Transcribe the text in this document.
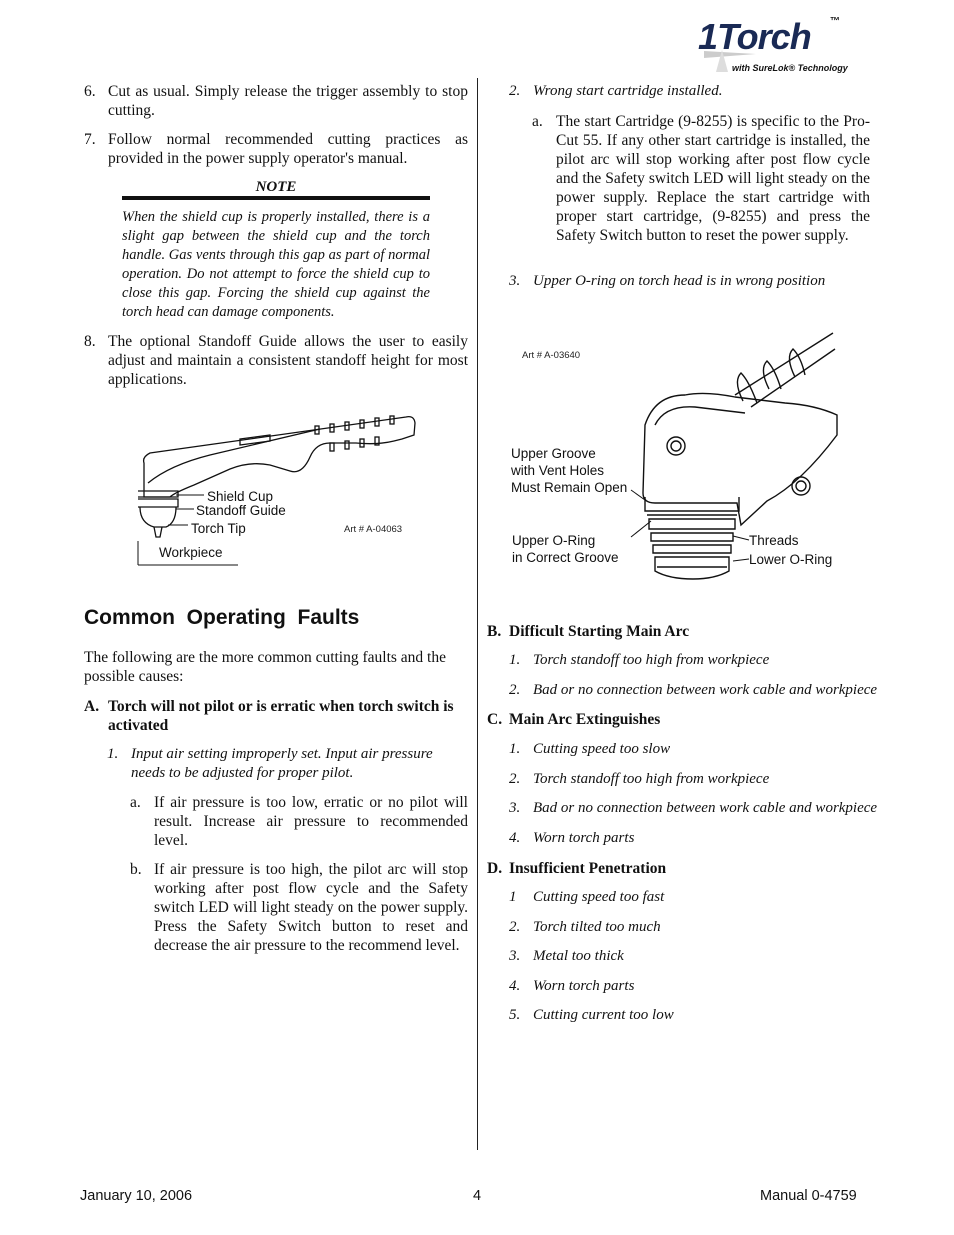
1Torch ™
with SureLok® Technology
6. Cut as usual. Simply release the trigger assembly to stop cutting.
7. Follow normal recommended cutting practices as provided in the power supply operator's manual.
NOTE
When the shield cup is properly installed, there is a slight gap between the shield cup and the torch handle. Gas vents through this gap as part of normal operation. Do not attempt to force the shield cup to close this gap. Forcing the shield cup against the torch head can damage components.
8. The optional Standoff Guide allows the user to easily adjust and maintain a consistent standoff height for most applications.
Shield Cup
Standoff Guide
Torch Tip
Workpiece
Art # A-04063
Common  Operating  Faults
The following are the more common cutting faults and the possible causes:
A. Torch will not pilot or is erratic when torch switch is activated
1. Input air setting improperly set. Input air pressure needs to be adjusted for proper pilot.
a. If air pressure is too low, erratic or no pilot will result. Increase air pressure to recommended level.
b. If air pressure is too high, the pilot arc will stop working after post flow cycle and the Safety switch LED will light steady on the power supply. Press the Safety Switch button to reset and decrease the air pressure to the recommend level.
2. Wrong start cartridge installed.
a. The start Cartridge (9-8255) is specific to the Pro-Cut 55. If any other start cartridge is installed, the pilot arc will stop working after post flow cycle and the Safety switch LED will light steady on the power supply. Replace the start cartridge with proper start cartridge, (9-8255) and press the Safety Switch button to reset the power supply.
3. Upper O-ring on torch head is in wrong position
Art # A-03640
Upper Groove
with Vent Holes
Must Remain Open
Upper O-Ring
in Correct Groove
Threads
Lower O-Ring
B. Difficult Starting Main Arc
1. Torch standoff too high from workpiece
2. Bad or no connection between work cable and workpiece
C. Main Arc Extinguishes
1. Cutting speed too slow
2. Torch standoff too high from workpiece
3. Bad or no connection between work cable and workpiece
4. Worn torch parts
D. Insufficient Penetration
1 Cutting speed too fast
2. Torch tilted too much
3. Metal too thick
4. Worn torch parts
5. Cutting current too low
January 10, 2006	4	Manual 0-4759
